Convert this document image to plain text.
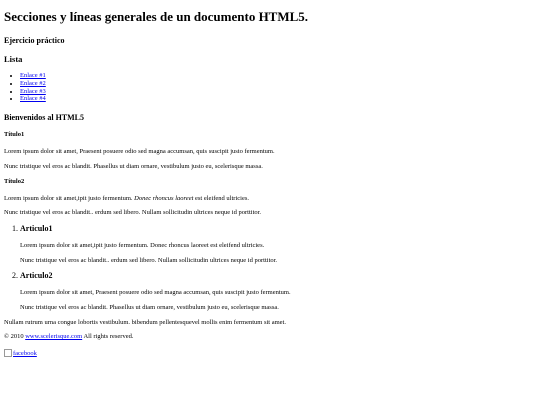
Secciones y líneas generales de un documento HTML5.
Ejercicio práctico
Lista
• Enlace #1
• Enlace #2
• Enlace #3
• Enlace #4
Bienvenidos al HTML5
Título1

Lorem ipsum dolor sit amet, Praesent posuere odio sed magna accumsan, quis suscipit justo fermentum.

Nunc tristique vel eros ac blandit. Phasellus ut diam ornare, vestibulum justo eu, scelerisque massa.

Título2

Lorem ipsum dolor sit amet,ipit justo fermentum. Donec rhoncus laoreet est eleifend ultricies.

Nunc tristique vel eros ac blandit.. erdum sed libero. Nullam sollicitudin ultrices neque id porttitor.

1. Articulo1

Lorem ipsum dolor sit amet,ipit justo fermentum. Donec rhoncus laoreet est eleifend ultricies.

Nunc tristique vel eros ac blandit.. erdum sed libero. Nullam sollicitudin ultrices neque id porttitor.

2. Articulo2

Lorem ipsum dolor sit amet, Praesent posuere odio sed magna accumsan, quis suscipit justo fermentum.

Nunc tristique vel eros ac blandit. Phasellus ut diam ornare, vestibulum justo eu, scelerisque massa.

Nullam rutrum urna congue lobortis vestibulum. bibendum pellentesquevel mollis enim fermentum sit amet.

© 2010 www.scelerisque.com All rights reserved.

facebook
